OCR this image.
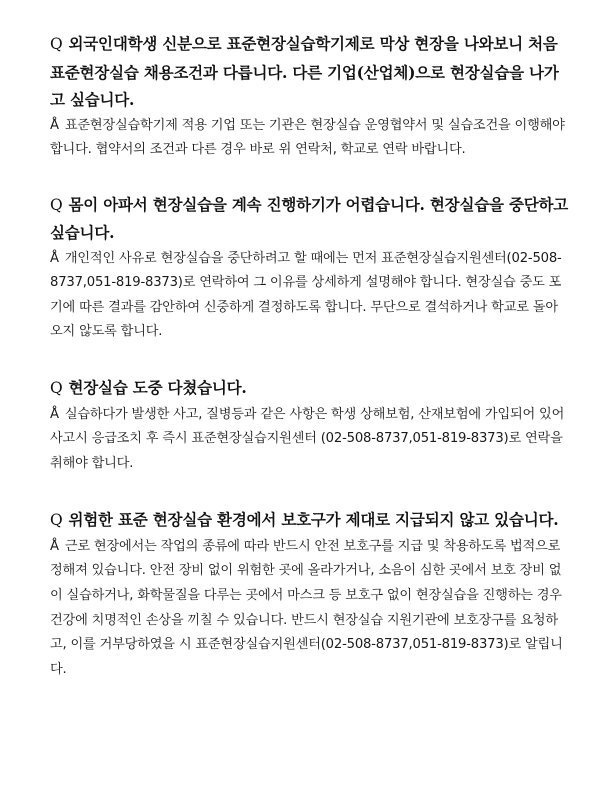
Q 외국인대학생 신분으로 표준현장실습학기제로 막상 현장을 나와보니 처음 표준현장실습 채용조건과 다릅니다. 다른 기업(산업체)으로 현장실습을 나가고 싶습니다.

Å 표준현장실습학기제 적용 기업 또는 기관은 현장실습 운영협약서 및 실습조건을 이행해야 합니다. 협약서의 조건과 다른 경우 바로 위 연락처, 학교로 연락 바랍니다.

Q 몸이 아파서 현장실습을 계속 진행하기가 어렵습니다. 현장실습을 중단하고 싶습니다.

Å 개인적인 사유로 현장실습을 중단하려고 할 때에는 먼저 표준현장실습지원센터(02-508-8737,051-819-8373)로 연락하여 그 이유를 상세하게 설명해야 합니다. 현장실습 중도 포기에 따른 결과를 감안하여 신중하게 결정하도록 합니다. 무단으로 결석하거나 학교로 돌아오지 않도록 합니다.

Q 현장실습 도중 다쳤습니다.

Å 실습하다가 발생한 사고, 질병등과 같은 사항은 학생 상해보험, 산재보험에 가입되어 있어 사고시 응급조치 후 즉시 표준현장실습지원센터 (02-508-8737,051-819-8373)로 연락을 취해야 합니다.

Q 위험한 표준 현장실습 환경에서 보호구가 제대로 지급되지 않고 있습니다.

Å 근로 현장에서는 작업의 종류에 따라 반드시 안전 보호구를 지급 및 착용하도록 법적으로 정해져 있습니다. 안전 장비 없이 위험한 곳에 올라가거나, 소음이 심한 곳에서 보호 장비 없이 실습하거나, 화학물질을 다루는 곳에서 마스크 등 보호구 없이 현장실습을 진행하는 경우 건강에 치명적인 손상을 끼칠 수 있습니다. 반드시 현장실습 지원기관에 보호장구를 요청하고, 이를 거부당하였을 시 표준현장실습지원센터(02-508-8737,051-819-8373)로 알립니다.
